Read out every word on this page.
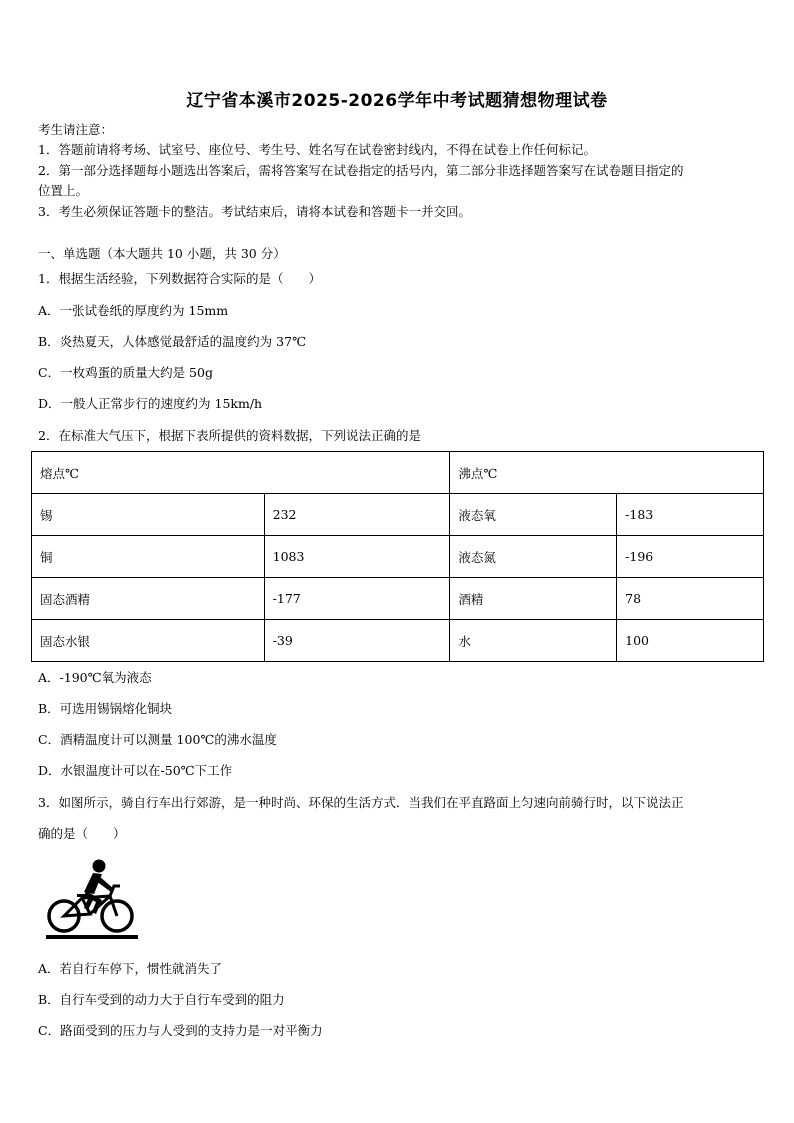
辽宁省本溪市2025-2026学年中考试题猜想物理试卷
考生请注意：
1．答题前请将考场、试室号、座位号、考生号、姓名写在试卷密封线内，不得在试卷上作任何标记。
2．第一部分选择题每小题选出答案后，需将答案写在试卷指定的括号内，第二部分非选择题答案写在试卷题目指定的
位置上。
3．考生必须保证答题卡的整洁。考试结束后，请将本试卷和答题卡一并交回。
一、单选题（本大题共 10 小题，共 30 分）
1．根据生活经验，下列数据符合实际的是（　　）
A．一张试卷纸的厚度约为 15mm
B．炎热夏天，人体感觉最舒适的温度约为 37℃
C．一枚鸡蛋的质量大约是 50g
D．一般人正常步行的速度约为 15km/h
2．在标准大气压下，根据下表所提供的资料数据，下列说法正确的是
熔点℃		沸点℃	
锡	232	液态氧	-183
铜	1083	液态氮	-196
固态酒精	-177	酒精	78
固态水银	-39	水	100
A．-190℃氧为液态
B．可选用锡锅熔化铜块
C．酒精温度计可以测量 100℃的沸水温度
D．水银温度计可以在-50℃下工作
3．如图所示，骑自行车出行郊游，是一种时尚、环保的生活方式．当我们在平直路面上匀速向前骑行时，以下说法正
确的是（　　）
A．若自行车停下，惯性就消失了
B．自行车受到的动力大于自行车受到的阻力
C．路面受到的压力与人受到的支持力是一对平衡力
